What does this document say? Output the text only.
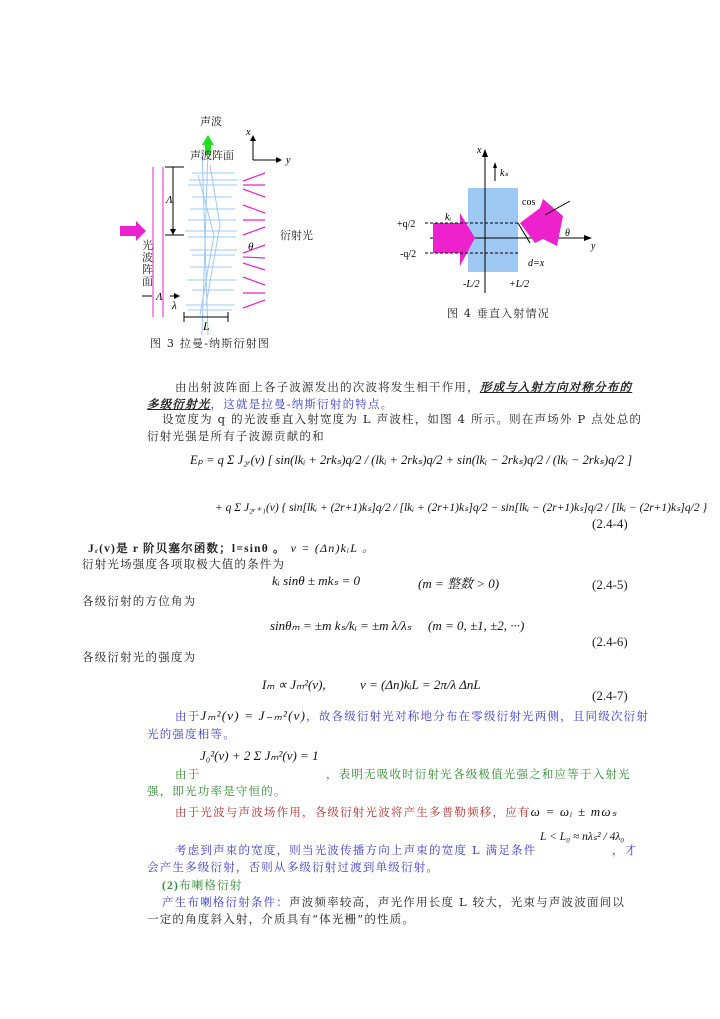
Λ
Λ
λ
L
θ
x
y
声波
声波阵面
衍射光
光波阵面
图 3 拉曼-纳斯衍射图
+q/2
-q/2
-L/2	+L/2
x
y
kₛ
kᵢ
cos
θ
d=x
图 4 垂直入射情况
由出射波阵面上各子波源发出的次波将发生相干作用，形成与入射方向对称分布的
多级衍射光，这就是拉曼-纳斯衍射的特点。
设宽度为 q 的光波垂直入射宽度为 L 声波柱，如图 4 所示。则在声场外 P 点处总的
衍射光强是所有子波源贡献的和
Eₚ = q Σ J₂ᵣ(v) [ sin(lkᵢ + 2rkₛ)q/2 / (lkᵢ + 2rkₛ)q/2 + sin(lkᵢ − 2rkₛ)q/2 / (lkᵢ − 2rkₛ)q/2 ]
+ q Σ J₂ᵣ₊₁(v) { sin[lkᵢ + (2r+1)kₛ]q/2 / [lkᵢ + (2r+1)kₛ]q/2 − sin[lkᵢ − (2r+1)kₛ]q/2 / [lkᵢ − (2r+1)kₛ]q/2 }
(2.4-4)
Jᵣ(v)是 r 阶贝塞尔函数；l=sinθ 。 v = (Δn)kᵢL 。
衍射光场强度各项取极大值的条件为
kᵢ sinθ ± mkₛ = 0	(m = 整数 > 0)	(2.4-5)
各级衍射的方位角为
sinθₘ = ±m kₛ/kᵢ = ±m λ/λₛ (m = 0, ±1, ±2, ···)
(2.4-6)
各级衍射光的强度为
Iₘ ∝ Jₘ²(v),	v = (Δn)kᵢL = 2π/λ ΔnL
(2.4-7)
由于Jₘ²(v) = J₋ₘ²(v)，故各级衍射光对称地分布在零级衍射光两侧，且同级次衍射
光的强度相等。
J₀²(v) + 2 Σ Jₘ²(v) = 1
由于	，表明无吸收时衍射光各级极值光强之和应等于入射光
强，即光功率是守恒的。
由于光波与声波场作用，各级衍射光波将产生多普勒频移，应有ω = ωᵢ ± mωₛ
L < L₀ ≈ nλₛ² / 4λ₀
考虑到声束的宽度，则当光波传播方向上声束的宽度 L 满足条件	，才
会产生多级衍射，否则从多级衍射过渡到单级衍射。
(2)布喇格衍射
产生布喇格衍射条件：声波频率较高，声光作用长度 L 较大，光束与声波波面间以
一定的角度斜入射，介质具有“体光栅”的性质。
